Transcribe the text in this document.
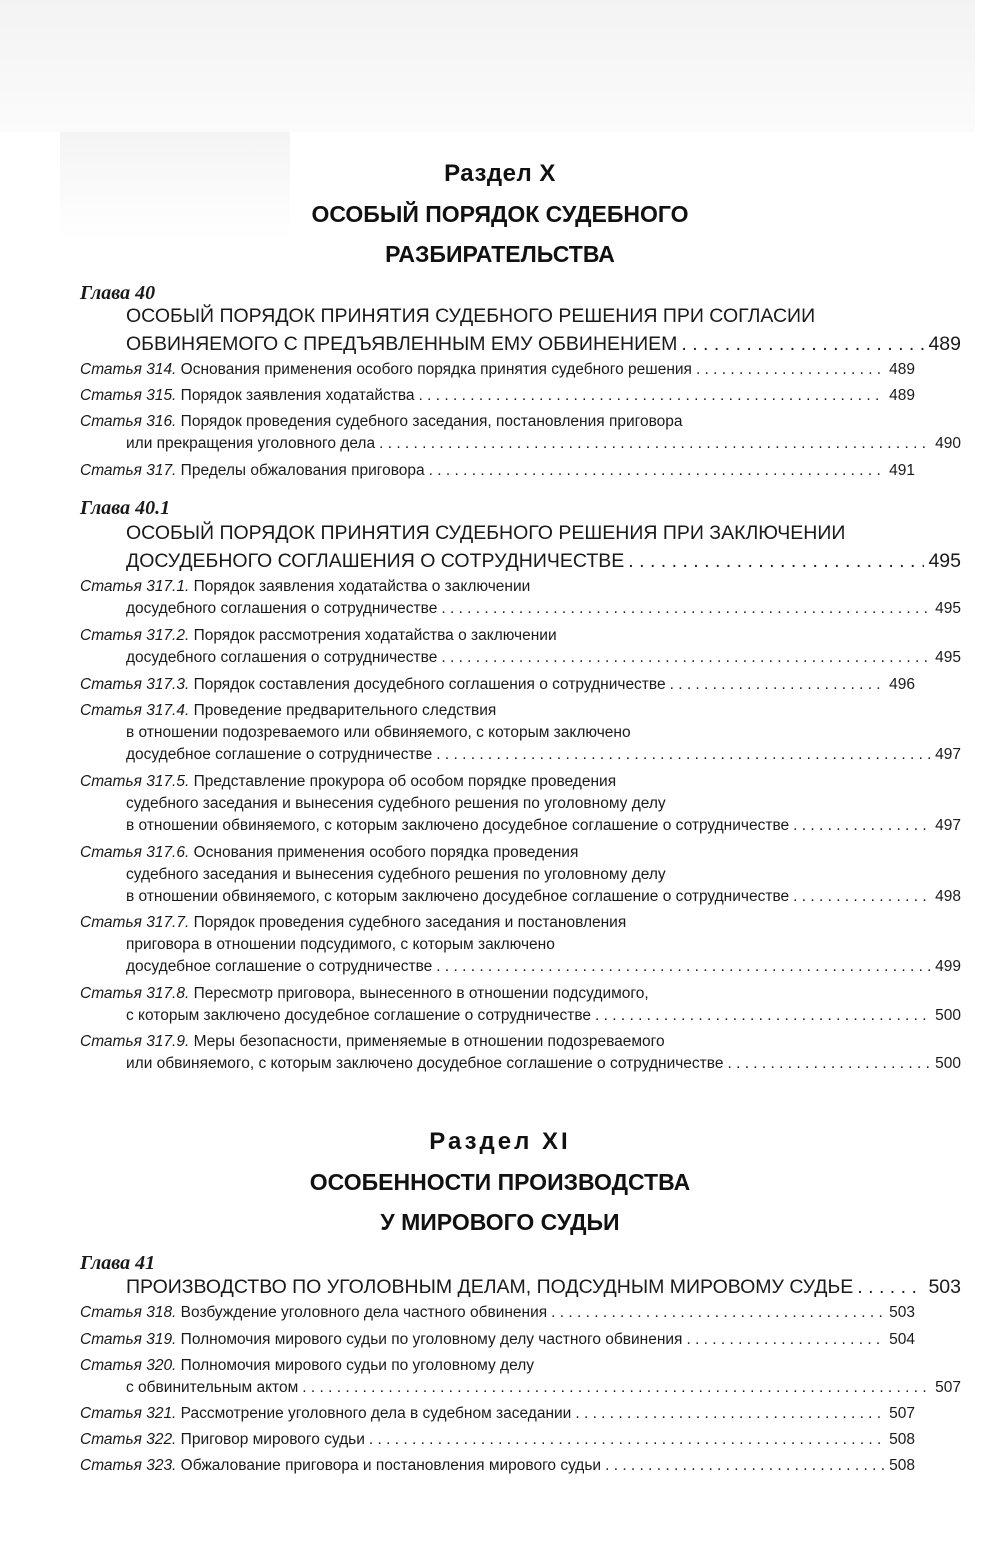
Раздел X
ОСОБЫЙ ПОРЯДОК СУДЕБНОГО
РАЗБИРАТЕЛЬСТВА
Глава 40
ОСОБЫЙ ПОРЯДОК ПРИНЯТИЯ СУДЕБНОГО РЕШЕНИЯ ПРИ СОГЛАСИИ
ОБВИНЯЕМОГО С ПРЕДЪЯВЛЕННЫМ ЕМУ ОБВИНЕНИЕМ . . .	489
Статья 314. Основания применения особого порядка принятия судебного решения . . .	489
Статья 315. Порядок заявления ходатайства . . .	489
Статья 316. Порядок проведения судебного заседания, постановления приговора
или прекращения уголовного дела . . .	490
Статья 317. Пределы обжалования приговора . . .	491
Глава 40.1
ОСОБЫЙ ПОРЯДОК ПРИНЯТИЯ СУДЕБНОГО РЕШЕНИЯ ПРИ ЗАКЛЮЧЕНИИ
ДОСУДЕБНОГО СОГЛАШЕНИЯ О СОТРУДНИЧЕСТВЕ . . .	495
Статья 317.1. Порядок заявления ходатайства о заключении
досудебного соглашения о сотрудничестве . . .	495
Статья 317.2. Порядок рассмотрения ходатайства о заключении
досудебного соглашения о сотрудничестве . . .	495
Статья 317.3. Порядок составления досудебного соглашения о сотрудничестве . . .	496
Статья 317.4. Проведение предварительного следствия
в отношении подозреваемого или обвиняемого, с которым заключено
досудебное соглашение о сотрудничестве . . .	497
Статья 317.5. Представление прокурора об особом порядке проведения
судебного заседания и вынесения судебного решения по уголовному делу
в отношении обвиняемого, с которым заключено досудебное соглашение о сотрудничестве . . .	497
Статья 317.6. Основания применения особого порядка проведения
судебного заседания и вынесения судебного решения по уголовному делу
в отношении обвиняемого, с которым заключено досудебное соглашение о сотрудничестве . . .	498
Статья 317.7. Порядок проведения судебного заседания и постановления
приговора в отношении подсудимого, с которым заключено
досудебное соглашение о сотрудничестве . . .	499
Статья 317.8. Пересмотр приговора, вынесенного в отношении подсудимого,
с которым заключено досудебное соглашение о сотрудничестве . . .	500
Статья 317.9. Меры безопасности, применяемые в отношении подозреваемого
или обвиняемого, с которым заключено досудебное соглашение о сотрудничестве . . .	500
Раздел XI
ОСОБЕННОСТИ ПРОИЗВОДСТВА
У МИРОВОГО СУДЬИ
Глава 41
ПРОИЗВОДСТВО ПО УГОЛОВНЫМ ДЕЛАМ, ПОДСУДНЫМ МИРОВОМУ СУДЬЕ . . .	503
Статья 318. Возбуждение уголовного дела частного обвинения . . .	503
Статья 319. Полномочия мирового судьи по уголовному делу частного обвинения . . .	504
Статья 320. Полномочия мирового судьи по уголовному делу
с обвинительным актом . . .	507
Статья 321. Рассмотрение уголовного дела в судебном заседании . . .	507
Статья 322. Приговор мирового судьи . . .	508
Статья 323. Обжалование приговора и постановления мирового судьи . . .	508
